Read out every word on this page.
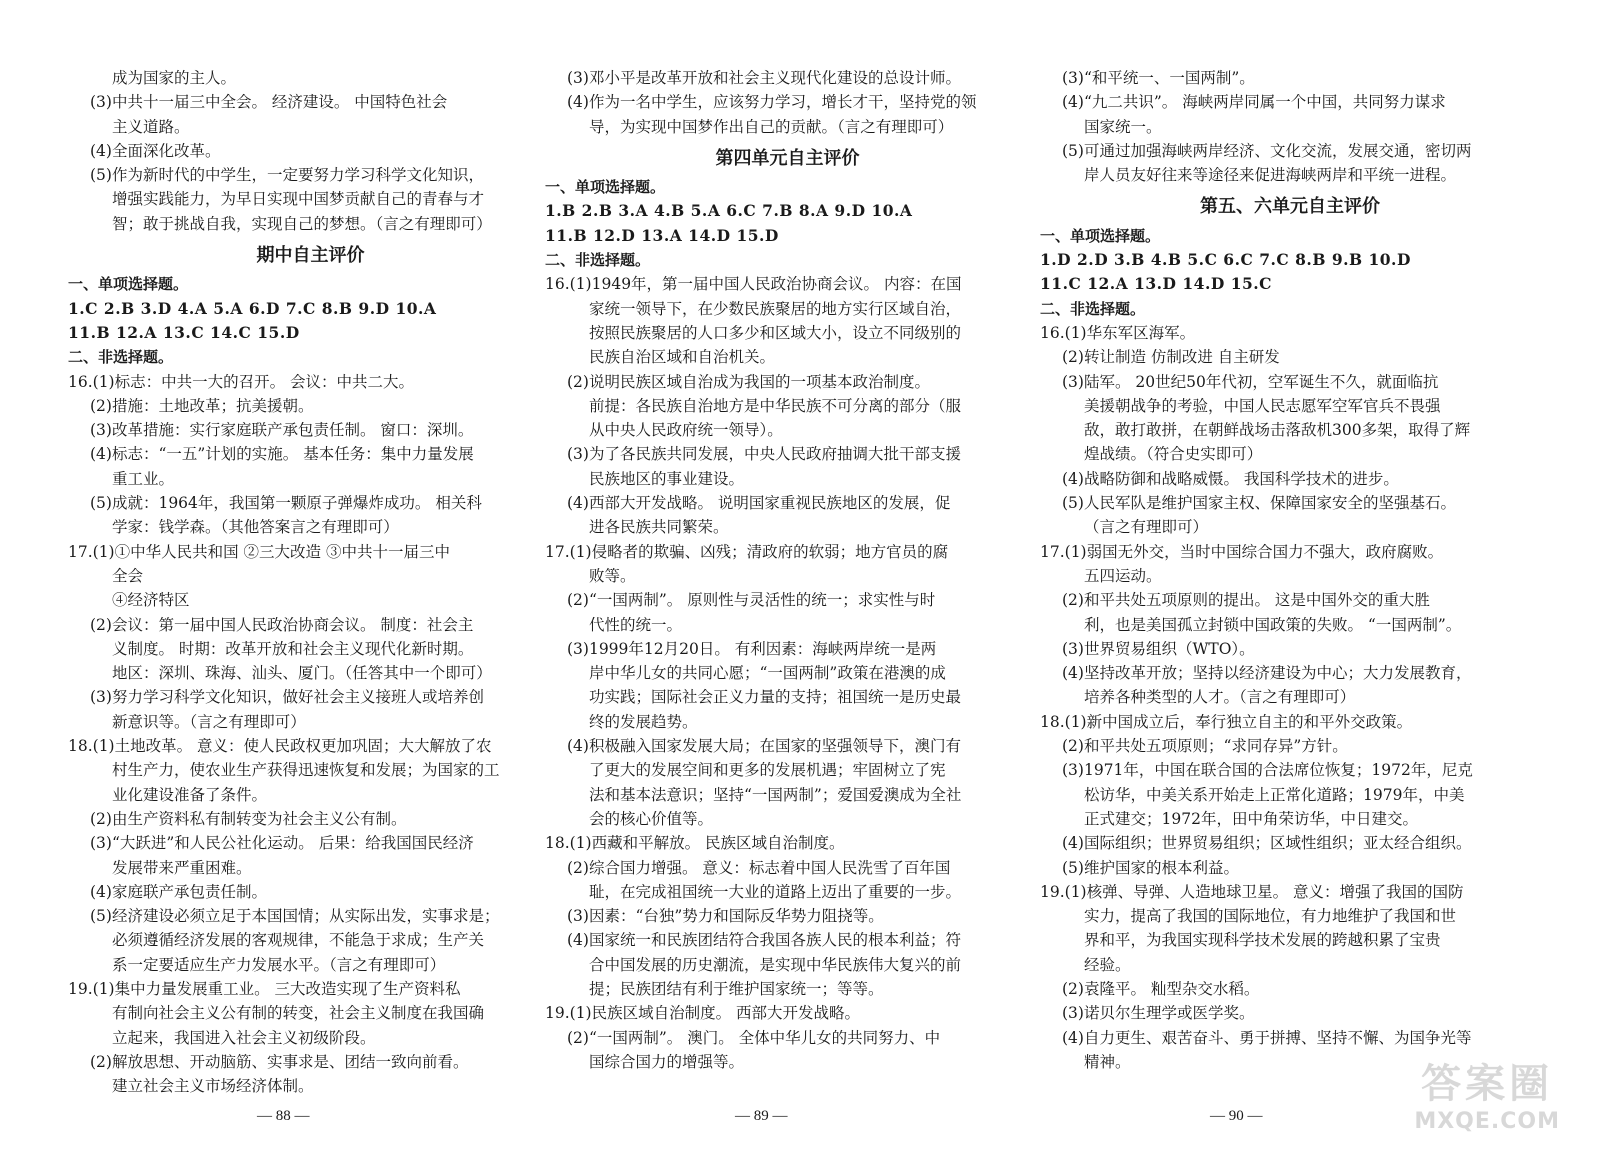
成为国家的主人。
(3)中共十一届三中全会。 经济建设。 中国特色社会
主义道路。
(4)全面深化改革。
(5)作为新时代的中学生，一定要努力学习科学文化知识，
增强实践能力，为早日实现中国梦贡献自己的青春与才
智；敢于挑战自我，实现自己的梦想。（言之有理即可）
期中自主评价
一、单项选择题。
1.C 2.B 3.D 4.A 5.A 6.D 7.C 8.B 9.D 10.A
11.B 12.A 13.C 14.C 15.D
二、非选择题。
16.(1)标志：中共一大的召开。 会议：中共二大。
(2)措施：土地改革；抗美援朝。
(3)改革措施：实行家庭联产承包责任制。 窗口：深圳。
(4)标志：“一五”计划的实施。 基本任务：集中力量发展
重工业。
(5)成就：1964年，我国第一颗原子弹爆炸成功。 相关科
学家：钱学森。（其他答案言之有理即可）
17.(1)①中华人民共和国 ②三大改造 ③中共十一届三中
全会
④经济特区
(2)会议：第一届中国人民政治协商会议。 制度：社会主
义制度。 时期：改革开放和社会主义现代化新时期。
地区：深圳、珠海、汕头、厦门。（任答其中一个即可）
(3)努力学习科学文化知识，做好社会主义接班人或培养创
新意识等。（言之有理即可）
18.(1)土地改革。 意义：使人民政权更加巩固；大大解放了农
村生产力，使农业生产获得迅速恢复和发展；为国家的工
业化建设准备了条件。
(2)由生产资料私有制转变为社会主义公有制。
(3)“大跃进”和人民公社化运动。 后果：给我国国民经济
发展带来严重困难。
(4)家庭联产承包责任制。
(5)经济建设必须立足于本国国情；从实际出发，实事求是；
必须遵循经济发展的客观规律，不能急于求成；生产关
系一定要适应生产力发展水平。（言之有理即可）
19.(1)集中力量发展重工业。 三大改造实现了生产资料私
有制向社会主义公有制的转变，社会主义制度在我国确
立起来，我国进入社会主义初级阶段。
(2)解放思想、开动脑筋、实事求是、团结一致向前看。
建立社会主义市场经济体制。
(3)邓小平是改革开放和社会主义现代化建设的总设计师。
(4)作为一名中学生，应该努力学习，增长才干，坚持党的领
导，为实现中国梦作出自己的贡献。（言之有理即可）
第四单元自主评价
一、单项选择题。
1.B 2.B 3.A 4.B 5.A 6.C 7.B 8.A 9.D 10.A
11.B 12.D 13.A 14.D 15.D
二、非选择题。
16.(1)1949年，第一届中国人民政治协商会议。 内容：在国
家统一领导下，在少数民族聚居的地方实行区域自治，
按照民族聚居的人口多少和区域大小，设立不同级别的
民族自治区域和自治机关。
(2)说明民族区域自治成为我国的一项基本政治制度。
前提：各民族自治地方是中华民族不可分离的部分（服
从中央人民政府统一领导）。
(3)为了各民族共同发展，中央人民政府抽调大批干部支援
民族地区的事业建设。
(4)西部大开发战略。 说明国家重视民族地区的发展，促
进各民族共同繁荣。
17.(1)侵略者的欺骗、凶残；清政府的软弱；地方官员的腐
败等。
(2)“一国两制”。 原则性与灵活性的统一；求实性与时
代性的统一。
(3)1999年12月20日。 有利因素：海峡两岸统一是两
岸中华儿女的共同心愿；“一国两制”政策在港澳的成
功实践；国际社会正义力量的支持；祖国统一是历史最
终的发展趋势。
(4)积极融入国家发展大局；在国家的坚强领导下，澳门有
了更大的发展空间和更多的发展机遇；牢固树立了宪
法和基本法意识；坚持“一国两制”；爱国爱澳成为全社
会的核心价值等。
18.(1)西藏和平解放。 民族区域自治制度。
(2)综合国力增强。 意义：标志着中国人民洗雪了百年国
耻，在完成祖国统一大业的道路上迈出了重要的一步。
(3)因素：“台独”势力和国际反华势力阻挠等。
(4)国家统一和民族团结符合我国各族人民的根本利益；符
合中国发展的历史潮流，是实现中华民族伟大复兴的前
提；民族团结有利于维护国家统一；等等。
19.(1)民族区域自治制度。 西部大开发战略。
(2)“一国两制”。 澳门。 全体中华儿女的共同努力、中
国综合国力的增强等。
(3)“和平统一、一国两制”。
(4)“九二共识”。 海峡两岸同属一个中国，共同努力谋求
国家统一。
(5)可通过加强海峡两岸经济、文化交流，发展交通，密切两
岸人员友好往来等途径来促进海峡两岸和平统一进程。
第五、六单元自主评价
一、单项选择题。
1.D 2.D 3.B 4.B 5.C 6.C 7.C 8.B 9.B 10.D
11.C 12.A 13.D 14.D 15.C
二、非选择题。
16.(1)华东军区海军。
(2)转让制造 仿制改进 自主研发
(3)陆军。 20世纪50年代初，空军诞生不久，就面临抗
美援朝战争的考验，中国人民志愿军空军官兵不畏强
敌，敢打敢拼，在朝鲜战场击落敌机300多架，取得了辉
煌战绩。（符合史实即可）
(4)战略防御和战略威慑。 我国科学技术的进步。
(5)人民军队是维护国家主权、保障国家安全的坚强基石。
（言之有理即可）
17.(1)弱国无外交，当时中国综合国力不强大，政府腐败。
五四运动。
(2)和平共处五项原则的提出。 这是中国外交的重大胜
利，也是美国孤立封锁中国政策的失败。 “一国两制”。
(3)世界贸易组织（WTO）。
(4)坚持改革开放；坚持以经济建设为中心；大力发展教育，
培养各种类型的人才。（言之有理即可）
18.(1)新中国成立后，奉行独立自主的和平外交政策。
(2)和平共处五项原则；“求同存异”方针。
(3)1971年，中国在联合国的合法席位恢复；1972年，尼克
松访华，中美关系开始走上正常化道路；1979年，中美
正式建交；1972年，田中角荣访华，中日建交。
(4)国际组织；世界贸易组织；区域性组织；亚太经合组织。
(5)维护国家的根本利益。
19.(1)核弹、导弹、人造地球卫星。 意义：增强了我国的国防
实力，提高了我国的国际地位，有力地维护了我国和世
界和平，为我国实现科学技术发展的跨越积累了宝贵
经验。
(2)袁隆平。 籼型杂交水稻。
(3)诺贝尔生理学或医学奖。
(4)自力更生、艰苦奋斗、勇于拼搏、坚持不懈、为国争光等
精神。
— 88 —	— 89 —	— 90 —
答案圈
MXQE.COM
